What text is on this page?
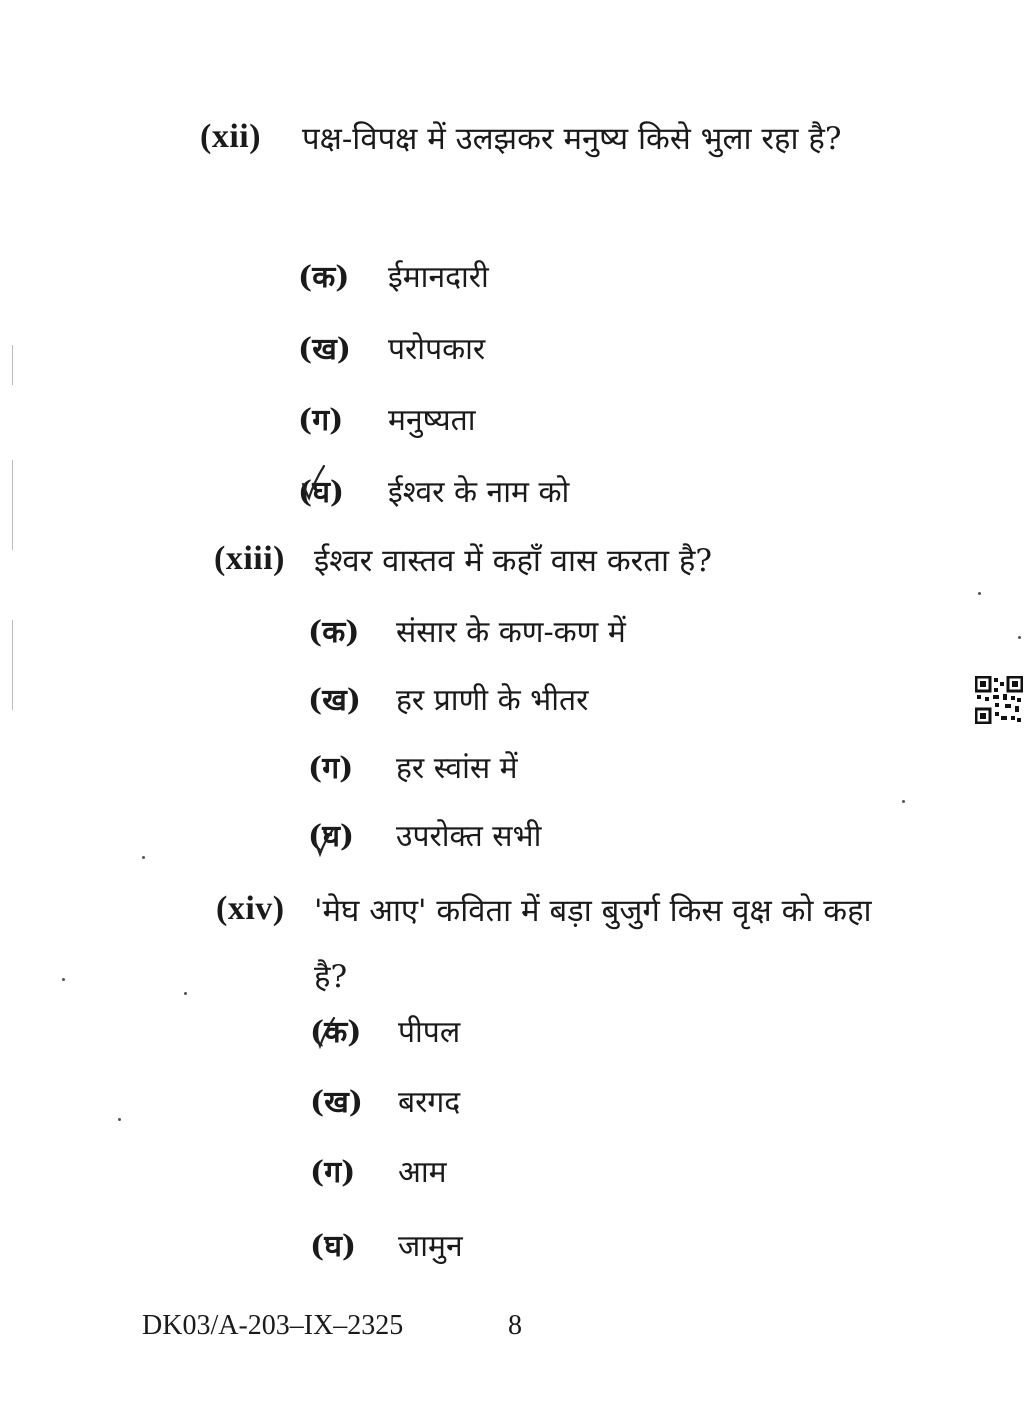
(xii) पक्ष-विपक्ष में उलझकर मनुष्य किसे भुला रहा है?
(क) ईमानदारी
(ख) परोपकार
(ग) मनुष्यता
(घ) ईश्वर के नाम को
(xiii) ईश्वर वास्तव में कहाँ वास करता है?
(क) संसार के कण-कण में
(ख) हर प्राणी के भीतर
(ग) हर स्वांस में
(घ) उपरोक्त सभी
(xiv) 'मेघ आए' कविता में बड़ा बुजुर्ग किस वृक्ष को कहा है?
(क) पीपल
(ख) बरगद
(ग) आम
(घ) जामुन
DK03/A-203–IX–2325	8
